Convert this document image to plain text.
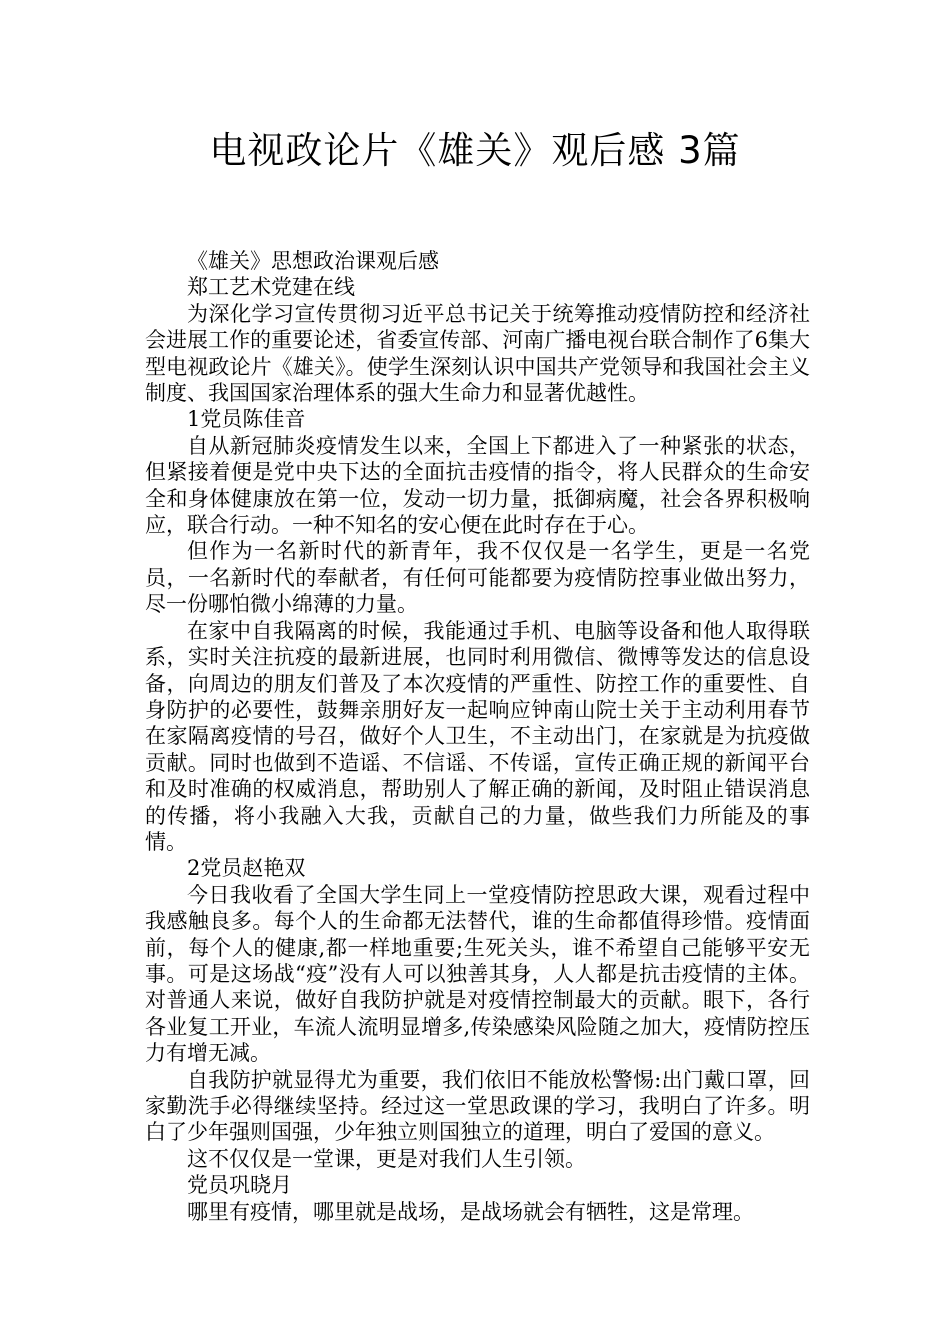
电视政论片《雄关》观后感 3篇

《雄关》思想政治课观后感

郑工艺术党建在线

为深化学习宣传贯彻习近平总书记关于统筹推动疫情防控和经济社会进展工作的重要论述，省委宣传部、河南广播电视台联合制作了6集大型电视政论片《雄关》。使学生深刻认识中国共产党领导和我国社会主义制度、我国国家治理体系的强大生命力和显著优越性。

1党员陈佳音

自从新冠肺炎疫情发生以来，全国上下都进入了一种紧张的状态，但紧接着便是党中央下达的全面抗击疫情的指令，将人民群众的生命安全和身体健康放在第一位，发动一切力量，抵御病魔，社会各界积极响应，联合行动。一种不知名的安心便在此时存在于心。

但作为一名新时代的新青年，我不仅仅是一名学生，更是一名党员，一名新时代的奉献者，有任何可能都要为疫情防控事业做出努力，尽一份哪怕微小绵薄的力量。

在家中自我隔离的时候，我能通过手机、电脑等设备和他人取得联系，实时关注抗疫的最新进展，也同时利用微信、微博等发达的信息设备，向周边的朋友们普及了本次疫情的严重性、防控工作的重要性、自身防护的必要性，鼓舞亲朋好友一起响应钟南山院士关于主动利用春节在家隔离疫情的号召，做好个人卫生，不主动出门，在家就是为抗疫做贡献。同时也做到不造谣、不信谣、不传谣，宣传正确正规的新闻平台和及时准确的权威消息，帮助别人了解正确的新闻，及时阻止错误消息的传播，将小我融入大我，贡献自己的力量，做些我们力所能及的事情。

2党员赵艳双

今日我收看了全国大学生同上一堂疫情防控思政大课，观看过程中我感触良多。每个人的生命都无法替代，谁的生命都值得珍惜。疫情面前，每个人的健康,都一样地重要;生死关头，谁不希望自己能够平安无事。可是这场战“疫”没有人可以独善其身，人人都是抗击疫情的主体。对普通人来说，做好自我防护就是对疫情控制最大的贡献。眼下，各行各业复工开业，车流人流明显增多,传染感染风险随之加大，疫情防控压力有增无减。

自我防护就显得尤为重要，我们依旧不能放松警惕:出门戴口罩，回家勤洗手必得继续坚持。经过这一堂思政课的学习，我明白了许多。明白了少年强则国强，少年独立则国独立的道理，明白了爱国的意义。

这不仅仅是一堂课，更是对我们人生引领。

党员巩晓月

哪里有疫情，哪里就是战场，是战场就会有牺牲，这是常理。
